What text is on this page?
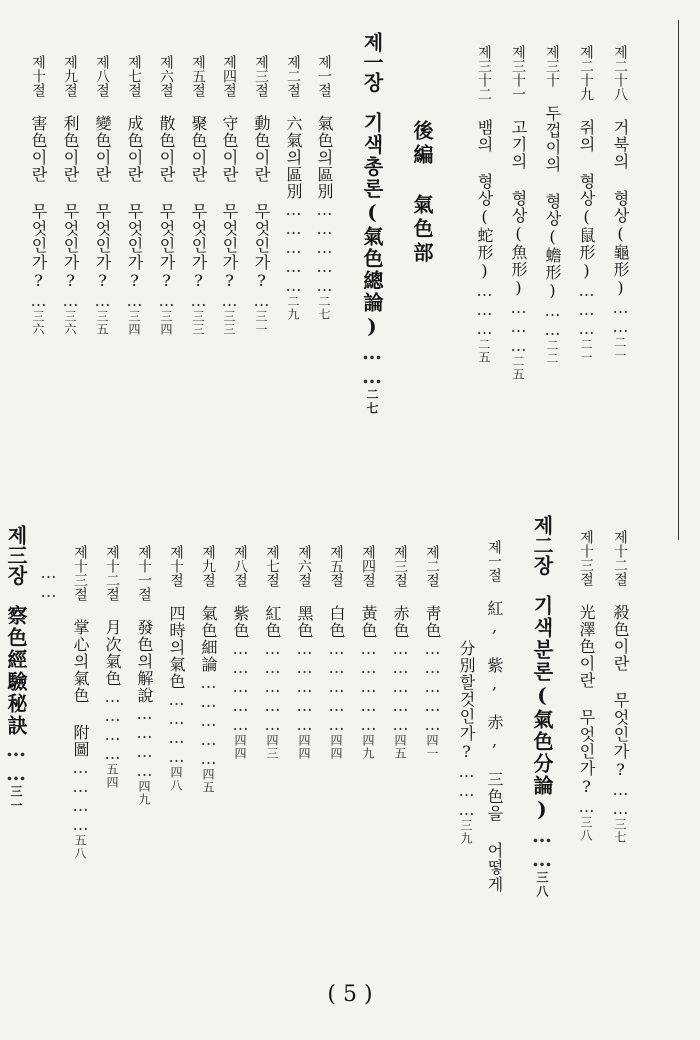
제二十八거북의 형상(龜形)……二一
제二十九쥐의 형상(鼠形)………二一
제三十두껍이의 형상(蟾形)……二二
제三十一고기의 형상(魚形)………二五
제三十二뱀의 형상(蛇形)………二五
後編氣色部
제一장기색총론(氣色總論)……二七
제一절氣色의區別……………二七
제二절六氣의區別……………二九
제三절動色이란 무엇인가?…三一
제四절守色이란 무엇인가?…三三
제五절聚色이란 무엇인가?…三三
제六절散色이란 무엇인가?…三四
제七절成色이란 무엇인가?…三四
제八절變色이란 무엇인가?…三五
제九절利色이란 무엇인가?…三六
제十절害色이란 무엇인가?…三六
제十二절殺色이란 무엇인가?……三七
제十三절光澤色이란 무엇인가?…三八
제二장기색분론(氣色分論)……三八
제一절紅, 紫, 赤, 三色을 어떻게
分別할것인가?………三九
제二절靑色……………四一
제三절赤色……………四五
제四절黃色……………四九
제五절白色……………四四
제六절黑色……………四四
제七절紅色……………四三
제八절紫色……………四四
제九절氣色細論……………四五
제十절四時의氣色…………四八
제十一절發色의解說…………四九
제十二절月次氣色…………五四
제十三절掌心의氣色 附圖…………五八
……
제三장察色經驗秘訣……三一
( 5 )
